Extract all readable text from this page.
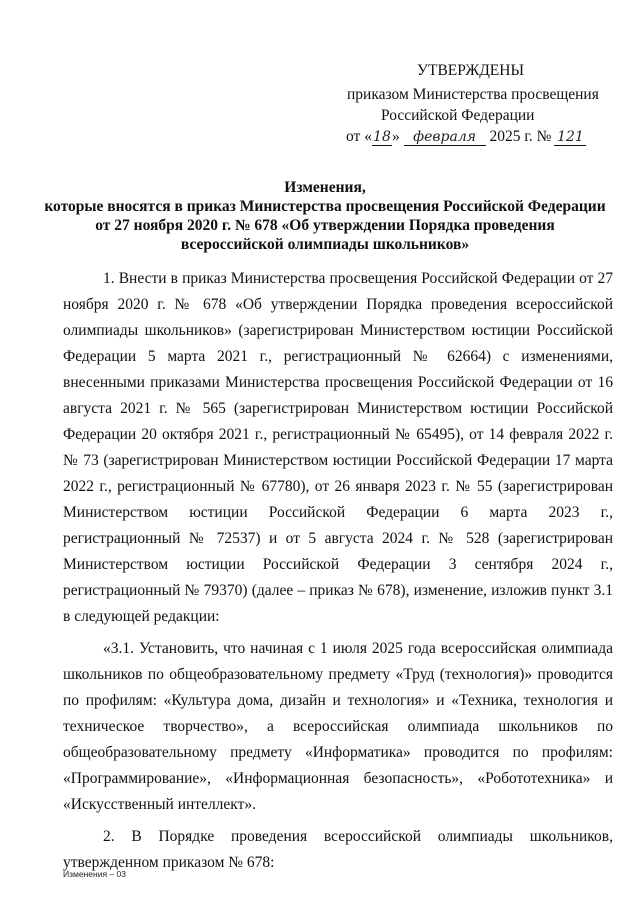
УТВЕРЖДЕНЫ
приказом Министерства просвещения
Российской Федерации
от «18» февраля 2025 г. № 121
Изменения,
которые вносятся в приказ Министерства просвещения Российской Федерации
от 27 ноября 2020 г. № 678 «Об утверждении Порядка проведения
всероссийской олимпиады школьников»

1. Внести в приказ Министерства просвещения Российской Федерации от 27 ноября 2020 г. № 678 «Об утверждении Порядка проведения всероссийской олимпиады школьников» (зарегистрирован Министерством юстиции Российской Федерации 5 марта 2021 г., регистрационный № 62664) с изменениями, внесенными приказами Министерства просвещения Российской Федерации от 16 августа 2021 г. № 565 (зарегистрирован Министерством юстиции Российской Федерации 20 октября 2021 г., регистрационный № 65495), от 14 февраля 2022 г. № 73 (зарегистрирован Министерством юстиции Российской Федерации 17 марта 2022 г., регистрационный № 67780), от 26 января 2023 г. № 55 (зарегистрирован Министерством юстиции Российской Федерации 6 марта 2023 г., регистрационный № 72537) и от 5 августа 2024 г. № 528 (зарегистрирован Министерством юстиции Российской Федерации 3 сентября 2024 г., регистрационный № 79370) (далее – приказ № 678), изменение, изложив пункт 3.1 в следующей редакции:

«3.1. Установить, что начиная с 1 июля 2025 года всероссийская олимпиада школьников по общеобразовательному предмету «Труд (технология)» проводится по профилям: «Культура дома, дизайн и технология» и «Техника, технология и техническое творчество», а всероссийская олимпиада школьников по общеобразовательному предмету «Информатика» проводится по профилям: «Программирование», «Информационная безопасность», «Робототехника» и «Искусственный интеллект».

2. В Порядке проведения всероссийской олимпиады школьников, утвержденном приказом № 678:

Изменения – 03
